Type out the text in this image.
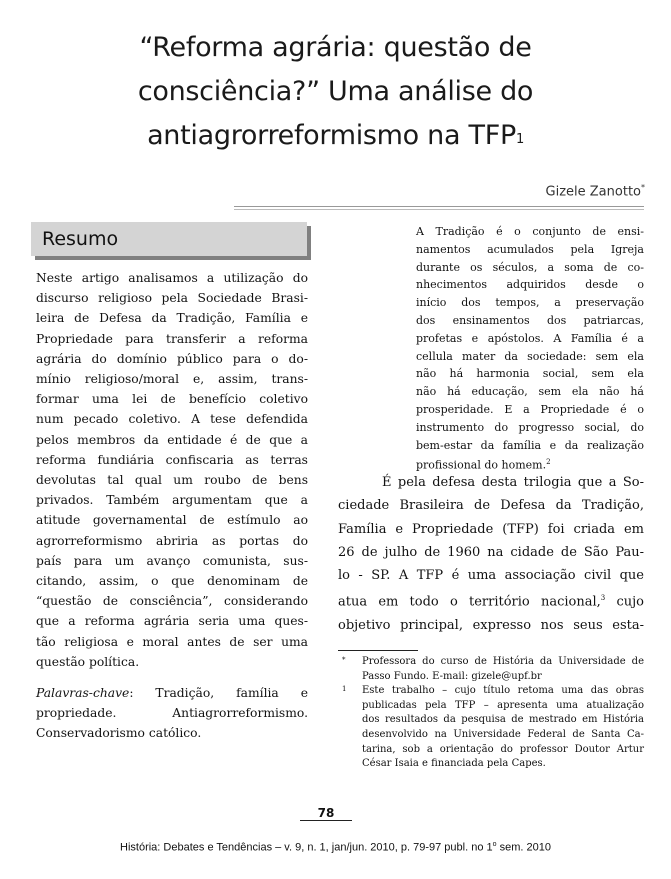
“Reforma agrária: questão de
consciência?” Uma análise do
antiagrorreformismo na TFP$^1$
Gizele Zanotto*
Resumo
Neste artigo analisamos a utilização do
discurso religioso pela Sociedade Brasi-
leira de Defesa da Tradição, Família e
Propriedade para transferir a reforma
agrária do domínio público para o do-
mínio religioso/moral e, assim, trans-
formar uma lei de benefício coletivo
num pecado coletivo. A tese defendida
pelos membros da entidade é de que a
reforma fundiária confiscaria as terras
devolutas tal qual um roubo de bens
privados. Também argumentam que a
atitude governamental de estímulo ao
agrorreformismo abriria as portas do
país para um avanço comunista, sus-
citando, assim, o que denominam de
“questão de consciência”, considerando
que a reforma agrária seria uma ques-
tão religiosa e moral antes de ser uma
questão política.
Palavras-chave: Tradição, família e
propriedade. Antiagrorreformismo.
Conservadorismo católico.
A Tradição é o conjunto de ensi-
namentos acumulados pela Igreja
durante os séculos, a soma de co-
nhecimentos adquiridos desde o
início dos tempos, a preservação
dos ensinamentos dos patriarcas,
profetas e apóstolos. A Família é a
cellula mater da sociedade: sem ela
não há harmonia social, sem ela
não há educação, sem ela não há
prosperidade. E a Propriedade é o
instrumento do progresso social, do
bem-estar da família e da realização
profissional do homem.$^2$
É pela defesa desta trilogia que a So-
ciedade Brasileira de Defesa da Tradição,
Família e Propriedade (TFP) foi criada em
26 de julho de 1960 na cidade de São Pau-
lo - SP. A TFP é uma associação civil que
atua em todo o território nacional,$^3$ cujo
objetivo principal, expresso nos seus esta-
* Professora do curso de História da Universidade de
Passo Fundo. E-mail: gizele@upf.br
1 Este trabalho – cujo título retoma uma das obras
publicadas pela TFP – apresenta uma atualização
dos resultados da pesquisa de mestrado em História
desenvolvido na Universidade Federal de Santa Ca-
tarina, sob a orientação do professor Doutor Artur
César Isaia e financiada pela Capes.
78
História: Debates e Tendências – v. 9, n. 1, jan/jun. 2010, p. 79-97 publ. no 1$^o$ sem. 2010
